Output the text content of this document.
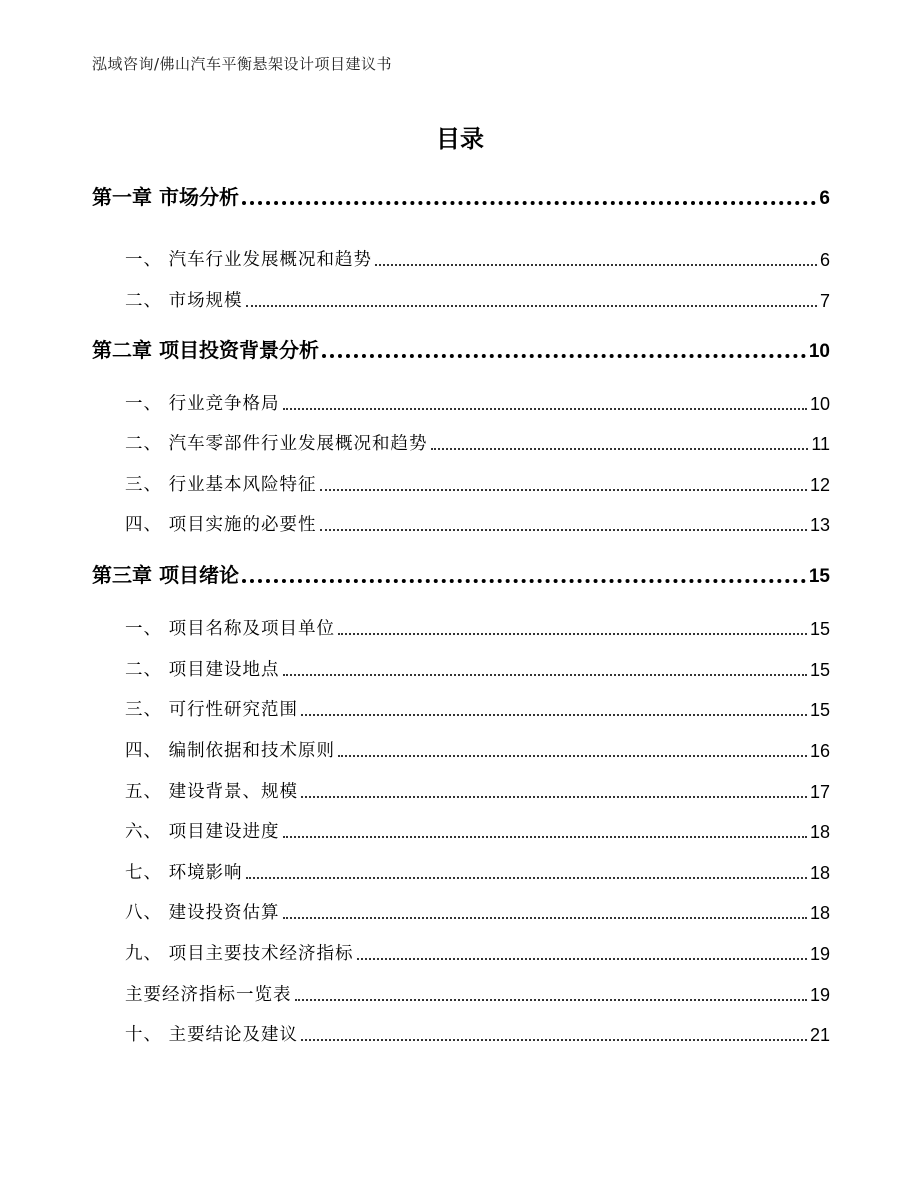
泓域咨询/佛山汽车平衡悬架设计项目建议书
目录
第一章 市场分析	6
一、 汽车行业发展概况和趋势	6
二、 市场规模	7
第二章 项目投资背景分析	10
一、 行业竞争格局	10
二、 汽车零部件行业发展概况和趋势	11
三、 行业基本风险特征	12
四、 项目实施的必要性	13
第三章 项目绪论	15
一、 项目名称及项目单位	15
二、 项目建设地点	15
三、 可行性研究范围	15
四、 编制依据和技术原则	16
五、 建设背景、规模	17
六、 项目建设进度	18
七、 环境影响	18
八、 建设投资估算	18
九、 项目主要技术经济指标	19
主要经济指标一览表	19
十、 主要结论及建议	21
